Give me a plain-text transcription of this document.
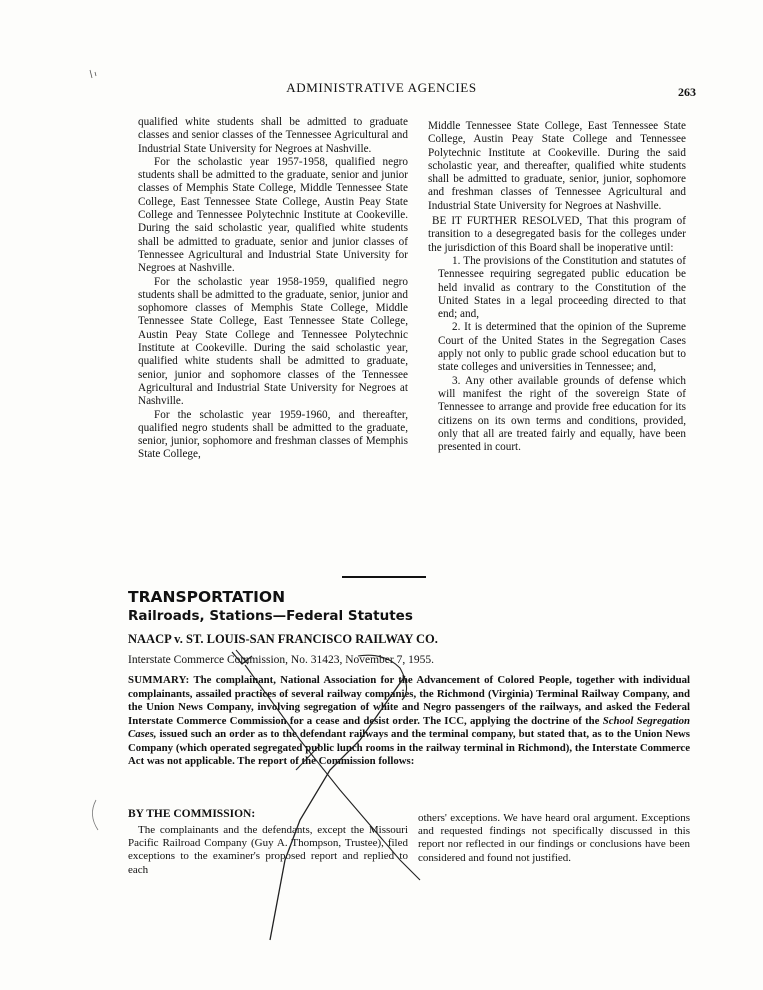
ADMINISTRATIVE AGENCIES	263

qualified white students shall be admitted to graduate classes and senior classes of the Tennessee Agricultural and Industrial State University for Negroes at Nashville.

For the scholastic year 1957-1958, qualified negro students shall be admitted to the graduate, senior and junior classes of Memphis State College, Middle Tennessee State College, East Tennessee State College, Austin Peay State College and Tennessee Polytechnic Institute at Cookeville. During the said scholastic year, qualified white students shall be admitted to graduate, senior and junior classes of Tennessee Agricultural and Industrial State University for Negroes at Nashville.

For the scholastic year 1958-1959, qualified negro students shall be admitted to the graduate, senior, junior and sophomore classes of Memphis State College, Middle Tennessee State College, East Tennessee State College, Austin Peay State College and Tennessee Polytechnic Institute at Cookeville. During the said scholastic year, qualified white students shall be admitted to graduate, senior, junior and sophomore classes of the Tennessee Agricultural and Industrial State University for Negroes at Nashville.

For the scholastic year 1959-1960, and thereafter, qualified negro students shall be admitted to the graduate, senior, junior, sophomore and freshman classes of Memphis State College,

Middle Tennessee State College, East Tennessee State College, Austin Peay State College and Tennessee Polytechnic Institute at Cookeville. During the said scholastic year, and thereafter, qualified white students shall be admitted to graduate, senior, junior, sophomore and freshman classes of Tennessee Agricultural and Industrial State University for Negroes at Nashville.

BE IT FURTHER RESOLVED, That this program of transition to a desegregated basis for the colleges under the jurisdiction of this Board shall be inoperative until:

1. The provisions of the Constitution and statutes of Tennessee requiring segregated public education be held invalid as contrary to the Constitution of the United States in a legal proceeding directed to that end; and,

2. It is determined that the opinion of the Supreme Court of the United States in the Segregation Cases apply not only to public grade school education but to state colleges and universities in Tennessee; and,

3. Any other available grounds of defense which will manifest the right of the sovereign State of Tennessee to arrange and provide free education for its citizens on its own terms and conditions, provided, only that all are treated fairly and equally, have been presented in court.

TRANSPORTATION
Railroads, Stations—Federal Statutes
NAACP v. ST. LOUIS-SAN FRANCISCO RAILWAY CO.
Interstate Commerce Commission, No. 31423, November 7, 1955.
SUMMARY: The complainant, National Association for the Advancement of Colored People, together with individual complainants, assailed practices of several railway companies, the Richmond (Virginia) Terminal Railway Company, and the Union News Company, involving segregation of white and Negro passengers of the railways, and asked the Federal Interstate Commerce Commission for a cease and desist order. The ICC, applying the doctrine of the School Segregation Cases, issued such an order as to the defendant railways and the terminal company, but stated that, as to the Union News Company (which operated segregated public lunch rooms in the railway terminal in Richmond), the Interstate Commerce Act was not applicable. The report of the Commission follows:
BY THE COMMISSION:

The complainants and the defendants, except the Missouri Pacific Railroad Company (Guy A. Thompson, Trustee), filed exceptions to the examiner's proposed report and replied to each

others' exceptions. We have heard oral argument. Exceptions and requested findings not specifically discussed in this report nor reflected in our findings or conclusions have been considered and found not justified.
